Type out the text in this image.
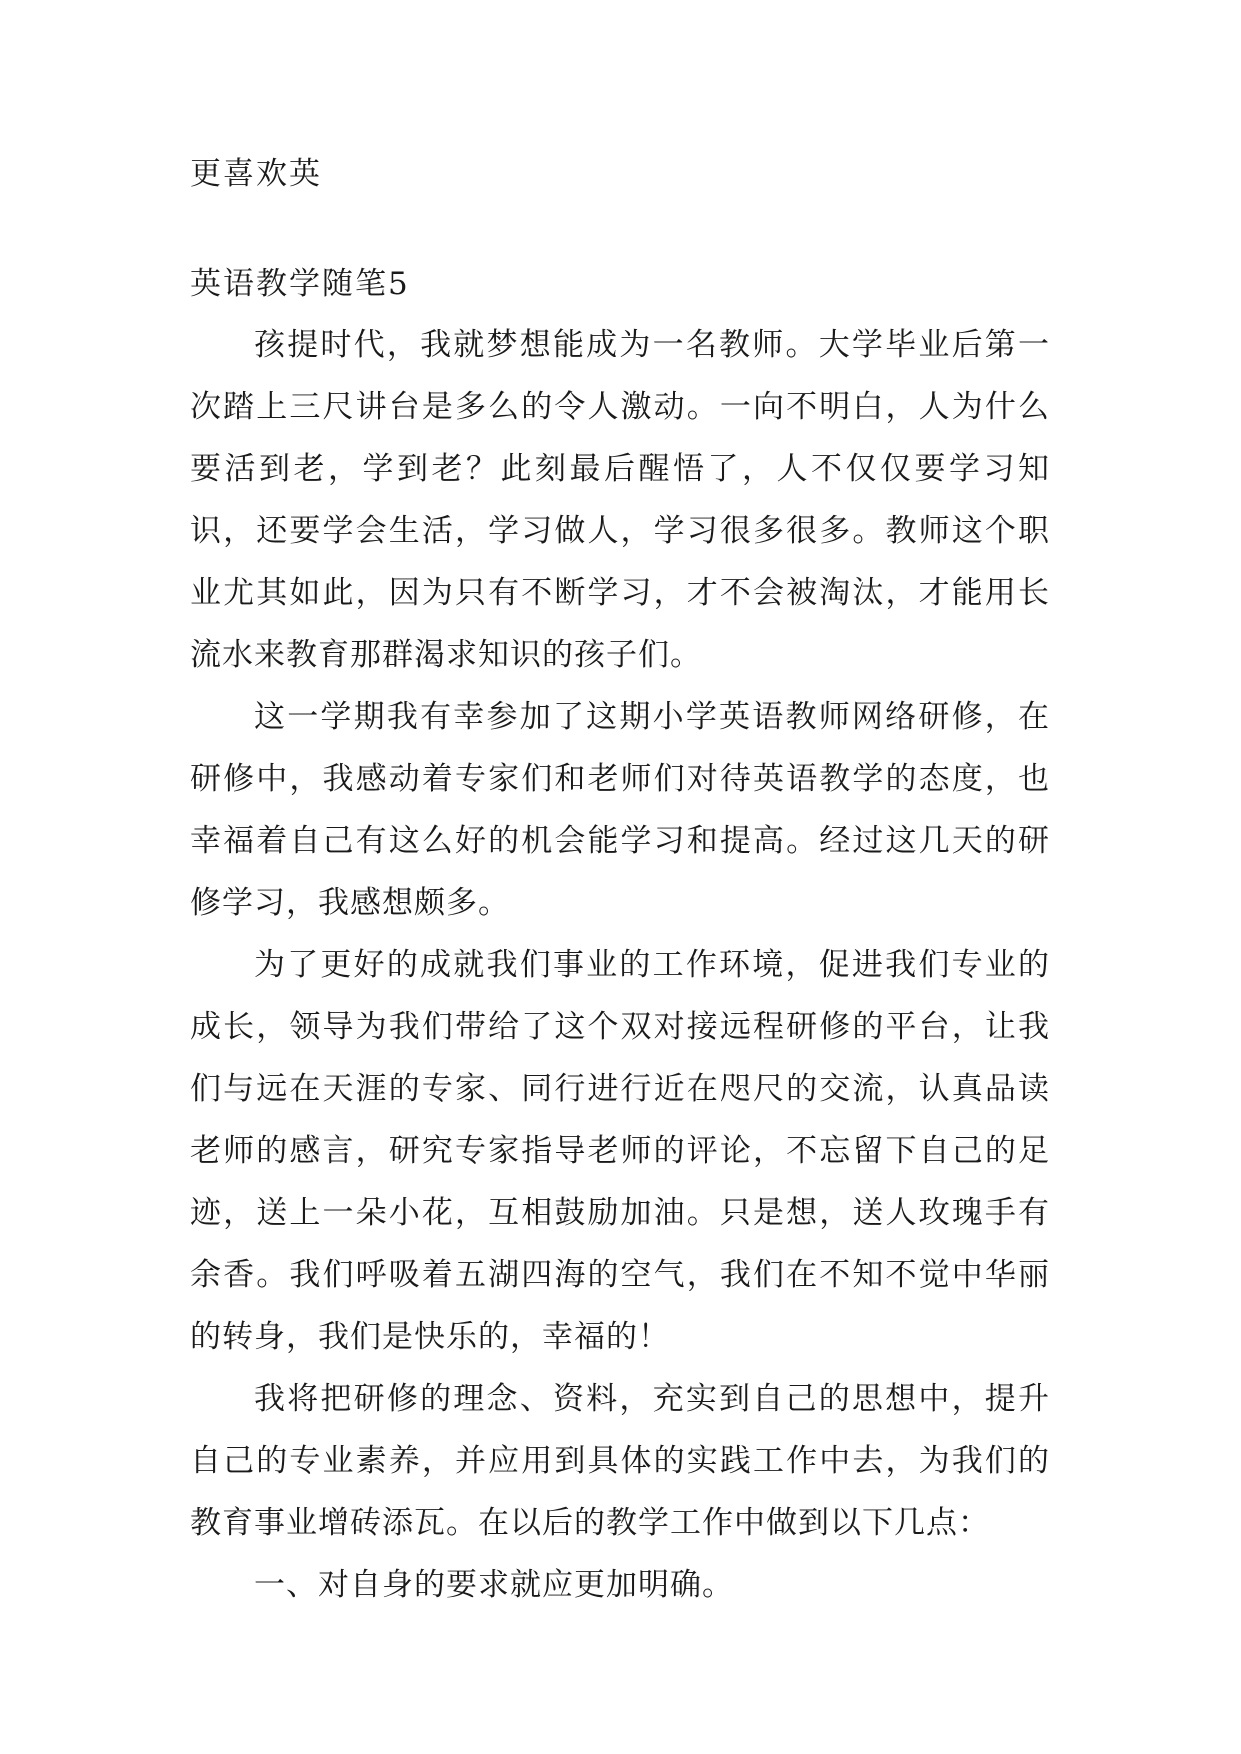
更喜欢英

英语教学随笔5

孩提时代，我就梦想能成为一名教师。大学毕业后第一次踏上三尺讲台是多么的令人激动。一向不明白，人为什么要活到老，学到老？此刻最后醒悟了，人不仅仅要学习知识，还要学会生活，学习做人，学习很多很多。教师这个职业尤其如此，因为只有不断学习，才不会被淘汰，才能用长流水来教育那群渴求知识的孩子们。

这一学期我有幸参加了这期小学英语教师网络研修，在研修中，我感动着专家们和老师们对待英语教学的态度，也幸福着自己有这么好的机会能学习和提高。经过这几天的研修学习，我感想颇多。

为了更好的成就我们事业的工作环境，促进我们专业的成长，领导为我们带给了这个双对接远程研修的平台，让我们与远在天涯的专家、同行进行近在咫尺的交流，认真品读老师的感言，研究专家指导老师的评论，不忘留下自己的足迹，送上一朵小花，互相鼓励加油。只是想，送人玫瑰手有余香。我们呼吸着五湖四海的空气，我们在不知不觉中华丽的转身，我们是快乐的，幸福的！

我将把研修的理念、资料，充实到自己的思想中，提升自己的专业素养，并应用到具体的实践工作中去，为我们的教育事业增砖添瓦。在以后的教学工作中做到以下几点：

一、对自身的要求就应更加明确。
